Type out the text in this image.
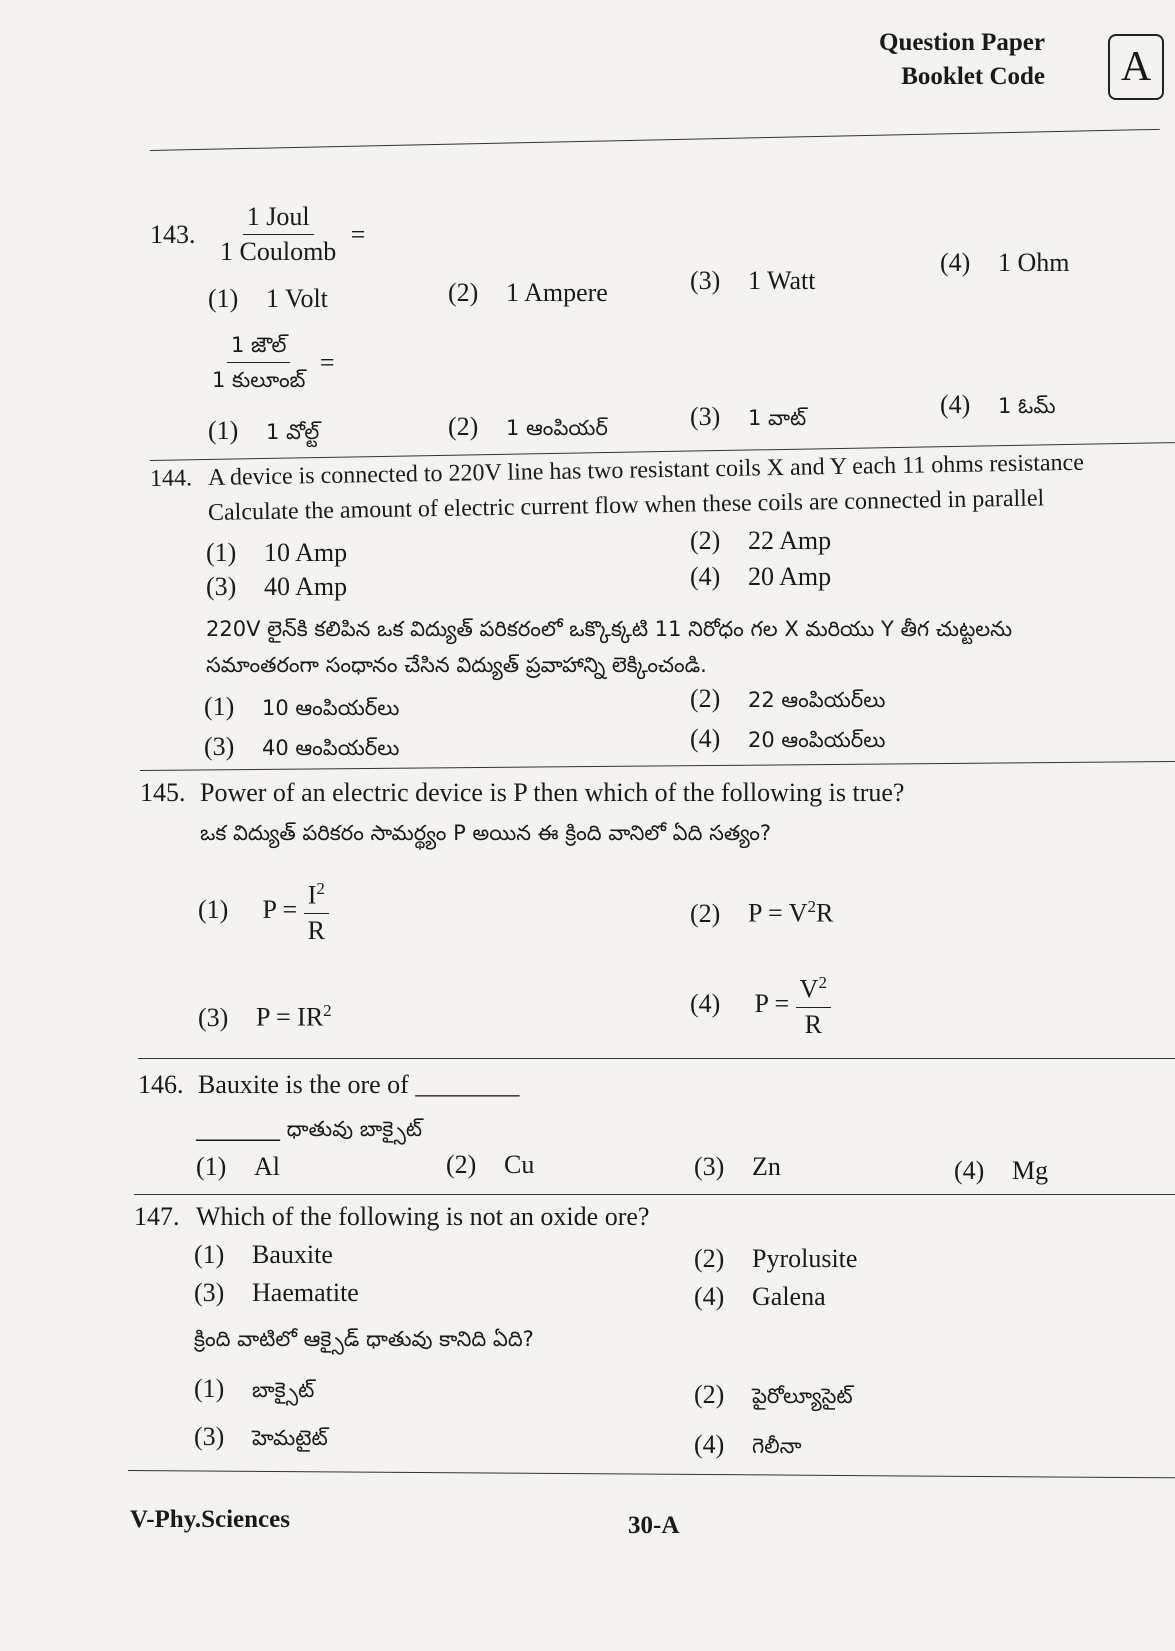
Question Paper
Booklet Code	A
143. $\frac{\text{1 Joul}}{\text{1 Coulomb}}$ =
(1) 1 Volt	(2) 1 Ampere	(3) 1 Watt
(4) 1 Ohm
$\frac{\text{1 జౌల్}}{\text{1 కులూంబ్}}$ =
(1) 1 వోల్ట్	(2) 1 ఆంపియర్	(3) 1 వాట్	(4) 1 ఓమ్
144. A device is connected to 220V line has two resistant coils X and Y each 11 ohms resistance
Calculate the amount of electric current flow when these coils are connected in parallel
(1) 10 Amp	(2) 22 Amp
(3) 40 Amp	(4) 20 Amp
220V లైన్‌కి కలిపిన ఒక విద్యుత్ పరికరంలో ఒక్కొక్కటి 11 నిరోధం గల X మరియు Y తీగ చుట్టలను
సమాంతరంగా సంధానం చేసిన విద్యుత్ ప్రవాహాన్ని లెక్కించండి.
(1) 10 ఆంపియర్‌లు	(2) 22 ఆంపియర్‌లు
(3) 40 ఆంపియర్‌లు	(4) 20 ఆంపియర్‌లు
145. Power of an electric device is P then which of the following is true?
ఒక విద్యుత్ పరికరం సామర్థ్యం P అయిన ఈ క్రింది వానిలో ఏది సత్యం?
(1) $P = \frac{I^2}{R}$	(2) $P = V^2R$
(3) $P = IR^2$	(4) $P = \frac{V^2}{R}$
146. Bauxite is the ore of ________
________ ధాతువు బాక్సైట్
(1) Al	(2) Cu	(3) Zn	(4) Mg
147. Which of the following is not an oxide ore?
(1) Bauxite	(2) Pyrolusite
(3) Haematite	(4) Galena
క్రింది వాటిలో ఆక్సైడ్ ధాతువు కానిది ఏది?
(1) బాక్సైట్	(2) పైరోల్యూసైట్
(3) హెమటైట్	(4) గెలీనా
V-Phy.Sciences	30-A
